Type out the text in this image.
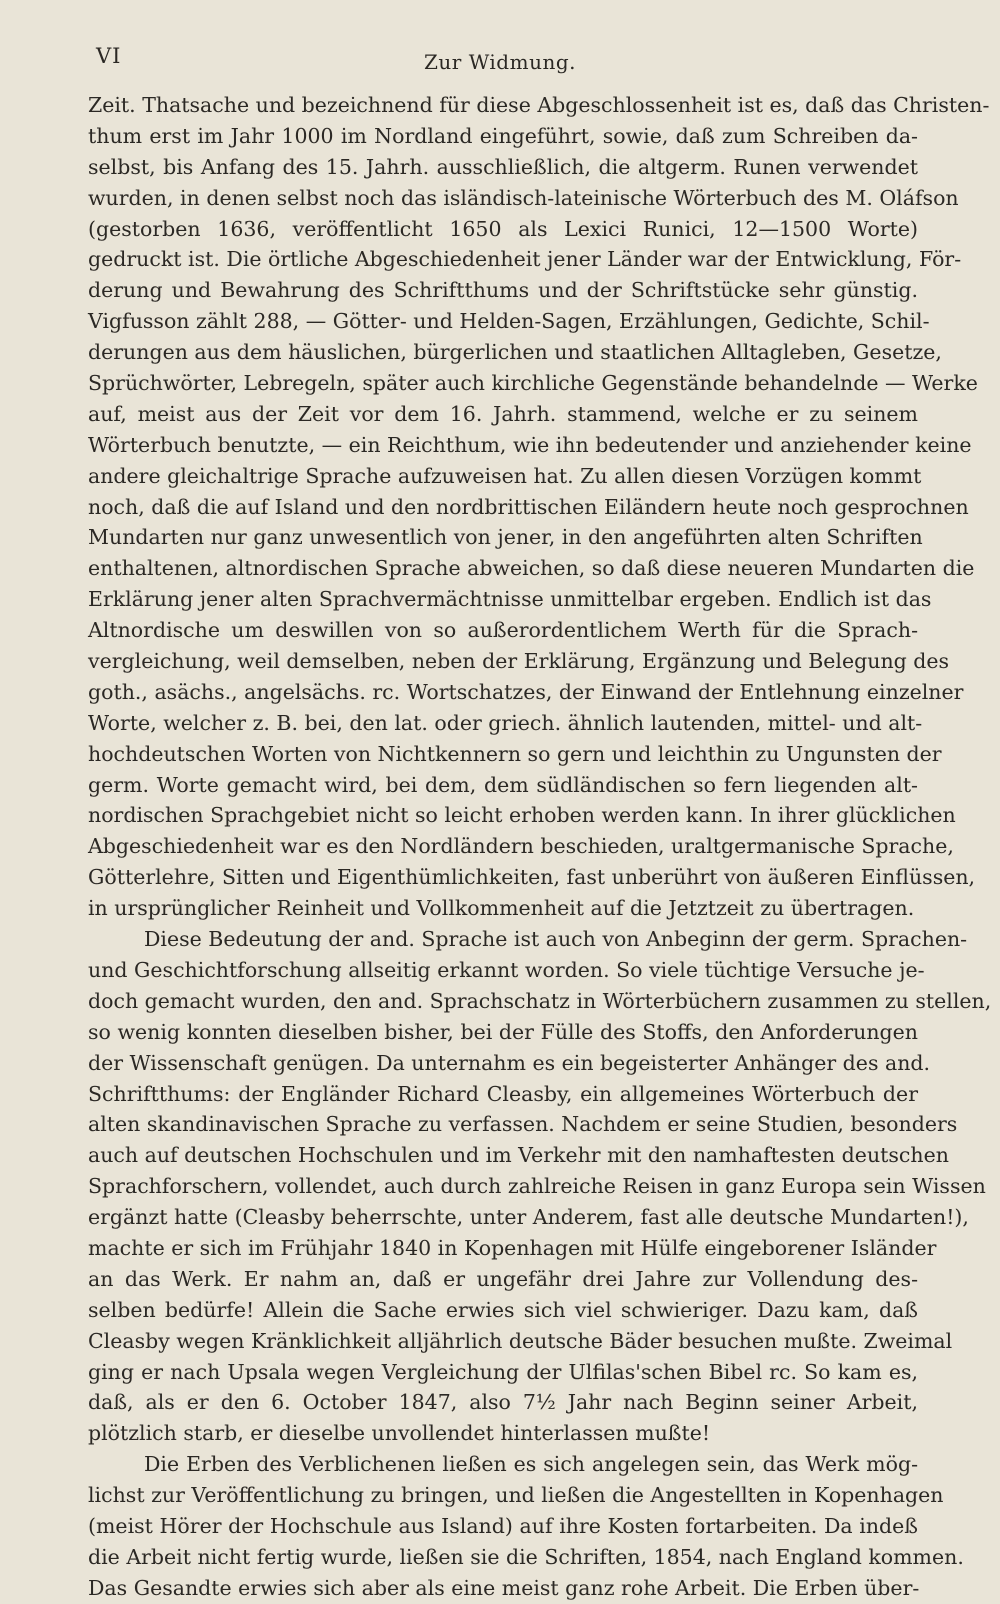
VI	Zur Widmung.
Zeit. Thatsache und bezeichnend für diese Abgeschlossenheit ist es, daß das Christen-
thum erst im Jahr 1000 im Nordland eingeführt, sowie, daß zum Schreiben da-
selbst, bis Anfang des 15. Jahrh. ausschließlich, die altgerm. Runen verwendet
wurden, in denen selbst noch das isländisch-lateinische Wörterbuch des M. Oláfson
(gestorben 1636, veröffentlicht 1650 als Lexici Runici, 12—1500 Worte)
gedruckt ist. Die örtliche Abgeschiedenheit jener Länder war der Entwicklung, För-
derung und Bewahrung des Schriftthums und der Schriftstücke sehr günstig.
Vigfusson zählt 288, — Götter- und Helden-Sagen, Erzählungen, Gedichte, Schil-
derungen aus dem häuslichen, bürgerlichen und staatlichen Alltagleben, Gesetze,
Sprüchwörter, Lebregeln, später auch kirchliche Gegenstände behandelnde — Werke
auf, meist aus der Zeit vor dem 16. Jahrh. stammend, welche er zu seinem
Wörterbuch benutzte, — ein Reichthum, wie ihn bedeutender und anziehender keine
andere gleichaltrige Sprache aufzuweisen hat. Zu allen diesen Vorzügen kommt
noch, daß die auf Island und den nordbrittischen Eiländern heute noch gesprochnen
Mundarten nur ganz unwesentlich von jener, in den angeführten alten Schriften
enthaltenen, altnordischen Sprache abweichen, so daß diese neueren Mundarten die
Erklärung jener alten Sprachvermächtnisse unmittelbar ergeben. Endlich ist das
Altnordische um deswillen von so außerordentlichem Werth für die Sprach-
vergleichung, weil demselben, neben der Erklärung, Ergänzung und Belegung des
goth., asächs., angelsächs. rc. Wortschatzes, der Einwand der Entlehnung einzelner
Worte, welcher z. B. bei, den lat. oder griech. ähnlich lautenden, mittel- und alt-
hochdeutschen Worten von Nichtkennern so gern und leichthin zu Ungunsten der
germ. Worte gemacht wird, bei dem, dem südländischen so fern liegenden alt-
nordischen Sprachgebiet nicht so leicht erhoben werden kann. In ihrer glücklichen
Abgeschiedenheit war es den Nordländern beschieden, uraltgermanische Sprache,
Götterlehre, Sitten und Eigenthümlichkeiten, fast unberührt von äußeren Einflüssen,
in ursprünglicher Reinheit und Vollkommenheit auf die Jetztzeit zu übertragen.
Diese Bedeutung der and. Sprache ist auch von Anbeginn der germ. Sprachen-
und Geschichtforschung allseitig erkannt worden. So viele tüchtige Versuche je-
doch gemacht wurden, den and. Sprachschatz in Wörterbüchern zusammen zu stellen,
so wenig konnten dieselben bisher, bei der Fülle des Stoffs, den Anforderungen
der Wissenschaft genügen. Da unternahm es ein begeisterter Anhänger des and.
Schriftthums: der Engländer Richard Cleasby, ein allgemeines Wörterbuch der
alten skandinavischen Sprache zu verfassen. Nachdem er seine Studien, besonders
auch auf deutschen Hochschulen und im Verkehr mit den namhaftesten deutschen
Sprachforschern, vollendet, auch durch zahlreiche Reisen in ganz Europa sein Wissen
ergänzt hatte (Cleasby beherrschte, unter Anderem, fast alle deutsche Mundarten!),
machte er sich im Frühjahr 1840 in Kopenhagen mit Hülfe eingeborener Isländer
an das Werk. Er nahm an, daß er ungefähr drei Jahre zur Vollendung des-
selben bedürfe! Allein die Sache erwies sich viel schwieriger. Dazu kam, daß
Cleasby wegen Kränklichkeit alljährlich deutsche Bäder besuchen mußte. Zweimal
ging er nach Upsala wegen Vergleichung der Ulfilas'schen Bibel rc. So kam es,
daß, als er den 6. October 1847, also 7½ Jahr nach Beginn seiner Arbeit,
plötzlich starb, er dieselbe unvollendet hinterlassen mußte!
Die Erben des Verblichenen ließen es sich angelegen sein, das Werk mög-
lichst zur Veröffentlichung zu bringen, und ließen die Angestellten in Kopenhagen
(meist Hörer der Hochschule aus Island) auf ihre Kosten fortarbeiten. Da indeß
die Arbeit nicht fertig wurde, ließen sie die Schriften, 1854, nach England kommen.
Das Gesandte erwies sich aber als eine meist ganz rohe Arbeit. Die Erben über-
